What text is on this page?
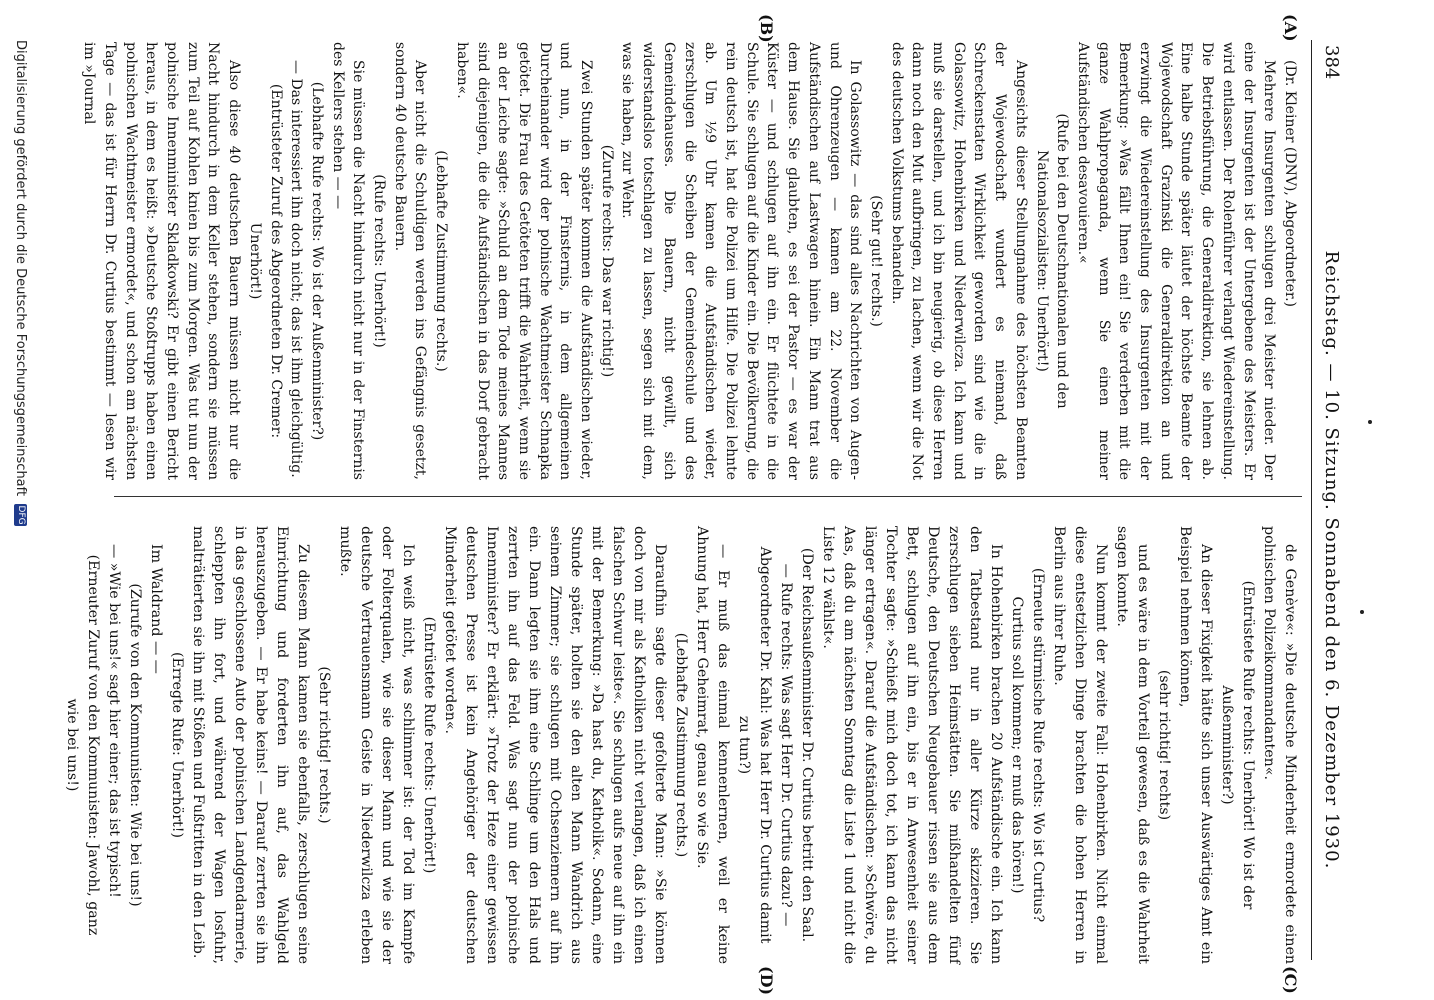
384
Reichstag. — 10. Sitzung. Sonnabend den 6. Dezember 1930.
(A)
(B)
(C)
(D)

(Dr. Kleiner (DNV), Abgeordneter.)

Mehrere Insurgenten schlugen drei Meister nieder. Der eine der Insurgenten ist der Untergebene des Meisters. Er wird entlassen. Der Rolenführer verlangt Wiedereinstellung. Die Betriebsführung, die Generaldirektion, sie lehnen ab. Eine halbe Stunde später läutet der höchste Beamte der Wojewodschaft Grazinski die Generaldirektion an und erzwingt die Wiedereinstellung des Insurgenten mit der Bemerkung: »Was fällt Ihnen ein! Sie verderben mit die ganze Wahlpropaganda, wenn Sie einen meiner Aufständischen desavouieren.«

(Rufe bei den Deutschnationalen und den Nationalsozialisten: Unerhört!)

Angesichts dieser Stellungnahme des höchsten Beamten der Wojewodschaft wundert es niemand, daß Schreckenstaten Wirklichkeit geworden sind wie die in Golassowitz, Hohenbirken und Niederwilcza. Ich kann und muß sie darstellen, und ich bin neugierig, ob diese Herren dann noch den Mut aufbringen, zu lachen, wenn wir die Not des deutschen Volkstums behandeln.

(Sehr gut! rechts.)

In Golassowitz — das sind alles Nachrichten von Augen- und Ohrenzeugen — kamen am 22. November die Aufständischen auf Lastwagen hinein. Ein Mann trat aus dem Hause. Sie glaubten, es sei der Pastor — es war der Küster — und schlugen auf ihn ein. Er flüchtete in die Schule. Sie schlugen auf die Kinder ein. Die Bevölkerung, die rein deutsch ist, hat die Polizei um Hilfe. Die Polizei lehnte ab. Um ½9 Uhr kamen die Aufständischen wieder, zerschlugen die Scheiben der Gemeindeschule und des Gemeindehauses. Die Bauern, nicht gewillt, sich widerstandslos totschlagen zu lassen, segen sich mit dem, was sie haben, zur Wehr.

(Zurufe rechts: Das war richtig!)

Zwei Stunden später kommen die Aufständischen wieder, und nun, in der Finsternis, in dem allgemeinen Durcheinander wird der polnische Wachtmeister Schnapka getötet. Die Frau des Getöteten trifft die Wahrheit, wenn sie an der Leiche sagte: »Schuld an dem Tode meines Mannes sind diejenigen, die die Aufständischen in das Dorf gebracht haben«.

(Lebhafte Zustimmung rechts.)

Aber nicht die Schuldigen werden ins Gefängnis gesetzt, sondern 40 deutsche Bauern.

(Rufe rechts: Unerhört!)

Sie müssen die Nacht hindurch nicht nur in der Finsternis des Kellers stehen — —

(Lebhafte Rufe rechts: Wo ist der Außenminister?)

— Das interessiert ihn doch nicht; das ist ihm gleichgültig.

(Entrüsteter Zuruf des Abgeordneten Dr. Cremer: Unerhört!)

Also diese 40 deutschen Bauern müssen nicht nur die Nacht hindurch in dem Keller stehen, sondern sie müssen zum Teil auf Kohlen knien bis zum Morgen. Was tut nun der polnische Innenminister Skladkowski? Er gibt einen Bericht heraus, in dem es heißt: »Deutsche Stoßtrupps haben einen polnischen Wachtmeister ermordet«, und schon am nächsten Tage — das ist für Herrn Dr. Curtius bestimmt — lesen wir im »Journal

de Genève«: »Die deutsche Minderheit ermordete einen polnischen Polizeikommandanten«.

(Entrüstete Rufe rechts: Unerhört! Wo ist der Außenminister?)

An dieser Fixigkeit hätte sich unser Auswärtiges Amt ein Beispiel nehmen können,

(sehr richtig! rechts)

und es wäre in dem Vorteil gewesen, daß es die Wahrheit sagen konnte.

Nun kommt der zweite Fall: Hohenbirken. Nicht einmal diese entsetzlichen Dinge brachten die hohen Herren in Berlin aus ihrer Ruhe.

(Erneute stürmische Rufe rechts: Wo ist Curtius? Curtius soll kommen; er muß das hören!)

In Hohenbirken brachen 20 Aufständische ein. Ich kann den Tatbestand nur in aller Kürze skizzieren. Sie zerschlugen sieben Heimstätten. Sie mißhandelten fünf Deutsche, den Deutschen Neugebauer rissen sie aus dem Bett, schlugen auf ihn ein, bis er in Anwesenheit seiner Tochter sagte: »Schießt mich doch tot, ich kann das nicht länger ertragen«. Darauf die Aufständischen: »Schwöre, du Aas, daß du am nächsten Sonntag die Liste 1 und nicht die Liste 12 wählst«.

(Der Reichsaußenminister Dr. Curtius betritt den Saal. — Rufe rechts: Was sagt Herr Dr. Curtius dazu? — Abgeordneter Dr. Kahl: Was hat Herr Dr. Curtius damit zu tun?)

— Er muß das einmal kennenlernen, weil er keine Ahnung hat, Herr Geheimrat, genau so wie Sie.

(Lebhafte Zustimmung rechts.)

Daraufhin sagte dieser gefolterte Mann: »Sie können doch von mir als Katholiken nicht verlangen, daß ich einen falschen Schwur leiste«. Sie schlugen aufs neue auf ihn ein mit der Bemerkung: »Da hast du, Katholik«. Sodann, eine Stunde später, holten sie den alten Mann Wandrich aus seinem Zimmer; sie schlugen mit Ochsenziemern auf ihn ein. Dann legten sie ihm eine Schlinge um den Hals und zerrten ihn auf das Feld. Was sagt nun der polnische Innenminister? Er erklärt: »Trotz der Heze einer gewissen deutschen Presse ist kein Angehöriger der deutschen Minderheit getötet worden«.

(Entrüstete Rufe rechts: Unerhört!)

Ich weiß nicht, was schlimmer ist: der Tod im Kampfe oder Folterqualen, wie sie dieser Mann und wie sie der deutsche Vertrauensmann Geiste in Niederwilcza erleben mußte.

(Sehr richtig! rechts.)

Zu diesem Mann kamen sie ebenfalls, zerschlugen seine Einrichtung und forderten ihn auf, das Wahlgeld herauszugeben. — Er habe keins! — Darauf zerrten sie ihn in das geschlossene Auto der polnischen Landgendarmerie, schleppten ihn fort, und während der Wagen losfuhr, malträtierten sie ihn mit Stößen und Fußtritten in den Leib.

(Erregte Rufe: Unerhört!)

Im Waldrand — —

(Zurufe von den Kommunisten: Wie bei uns!)

— »Wie bei uns!« sagt hier einer; das ist typisch!

(Erneuter Zuruf von den Kommunisten: Jawohl, ganz wie bei uns!)

Digitalisierung gefördert durch die Deutsche ForschungsgemeinschaftDFG
